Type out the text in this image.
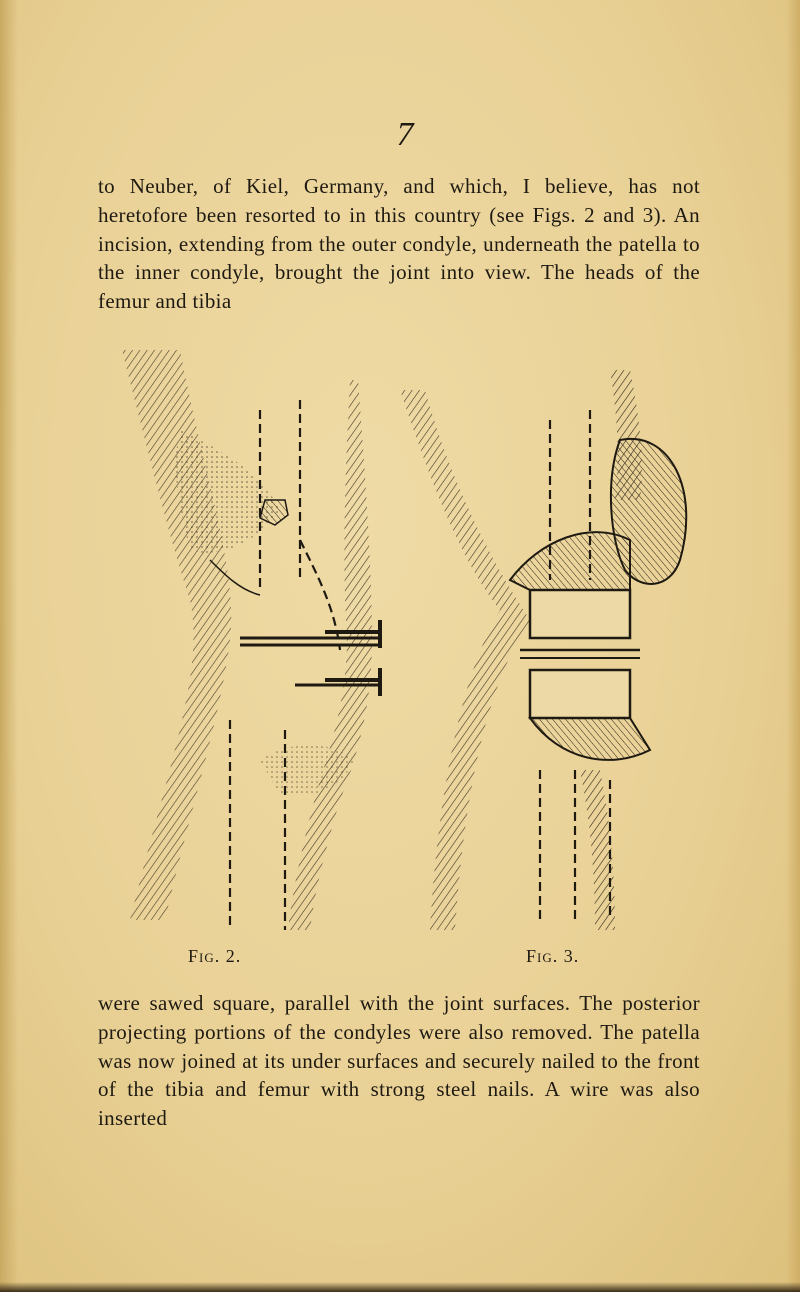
7

to Neuber, of Kiel, Germany, and which, I believe, has not heretofore been resorted to in this country (see Figs. 2 and 3). An incision, extending from the outer condyle, underneath the patella to the inner condyle, brought the joint into view. The heads of the femur and tibia

Fig. 2.	Fig. 3.

were sawed square, parallel with the joint surfaces. The posterior projecting portions of the condyles were also removed. The patella was now joined at its under surfaces and securely nailed to the front of the tibia and femur with strong steel nails. A wire was also inserted
